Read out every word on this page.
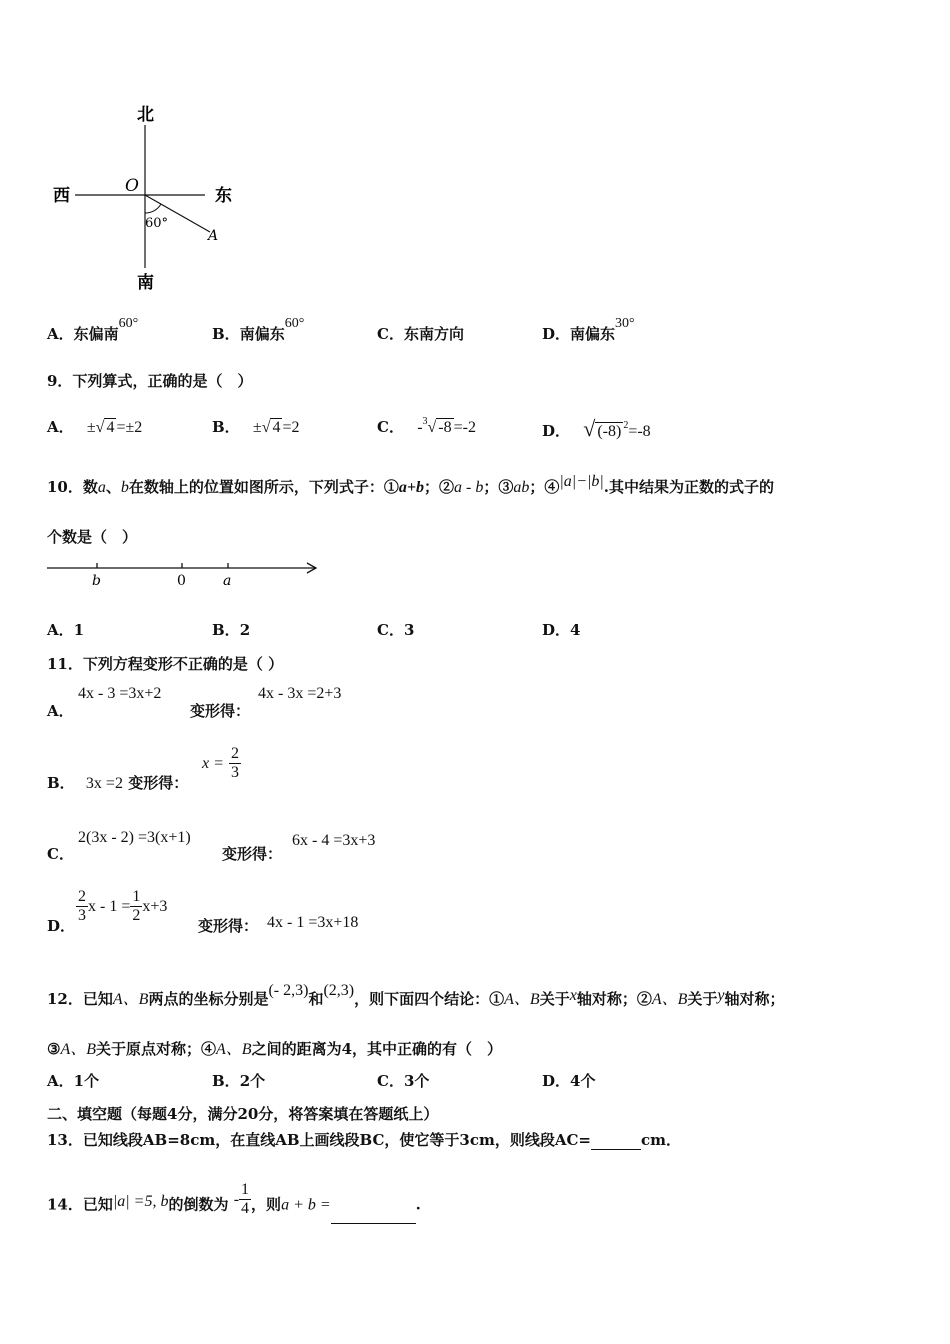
北
南
西	东
O
60°
A
A．东偏南60°
B．南偏东60°
C．东南方向	D．南偏东30°
9．下列算式，正确的是（　）
A． ±√ 4 =±2	B． ±√ 4 =2	C． -$^3$√ -8 =-2	D． √ (-8) $^2$=-8
10．数a、b在数轴上的位置如图所示，下列式子：①a+b；②a - b；③ab；④|a|−|b|.其中结果为正数的式子的
个数是（　）
b	0	a
A．1	B．2	C．3	D．4
11．下列方程变形不正确的是（ ）
A．
4x - 3 =3x+2
变形得：
4x - 3x =2+3
B． 3x =2 变形得：
$x = \frac{2}{3}$
C．
2(3x - 2) =3(x+1)
变形得：
6x - 4 =3x+3
D．
$\frac{2}{3}$ $x - 1 = \frac{1}{2} x+3$
变形得： 4x - 1 =3x+18
12．已知A、B两点的坐标分别是(- 2,3)和(2,3)，则下面四个结论：①A、B关于x轴对称；②A、B关于y轴对称；
③A、B关于原点对称；④A、B之间的距离为4，其中正确的有（　）
A．1个	B．2个	C．3个	D．4个
二、填空题（每题4分，满分20分，将答案填在答题纸上）
13．已知线段AB=8cm，在直线AB上画线段BC，使它等于3cm，则线段AC=	cm．
14．已知|a| =5, b的倒数为 - $\frac{1}{4}$ ，则a + b =	.
